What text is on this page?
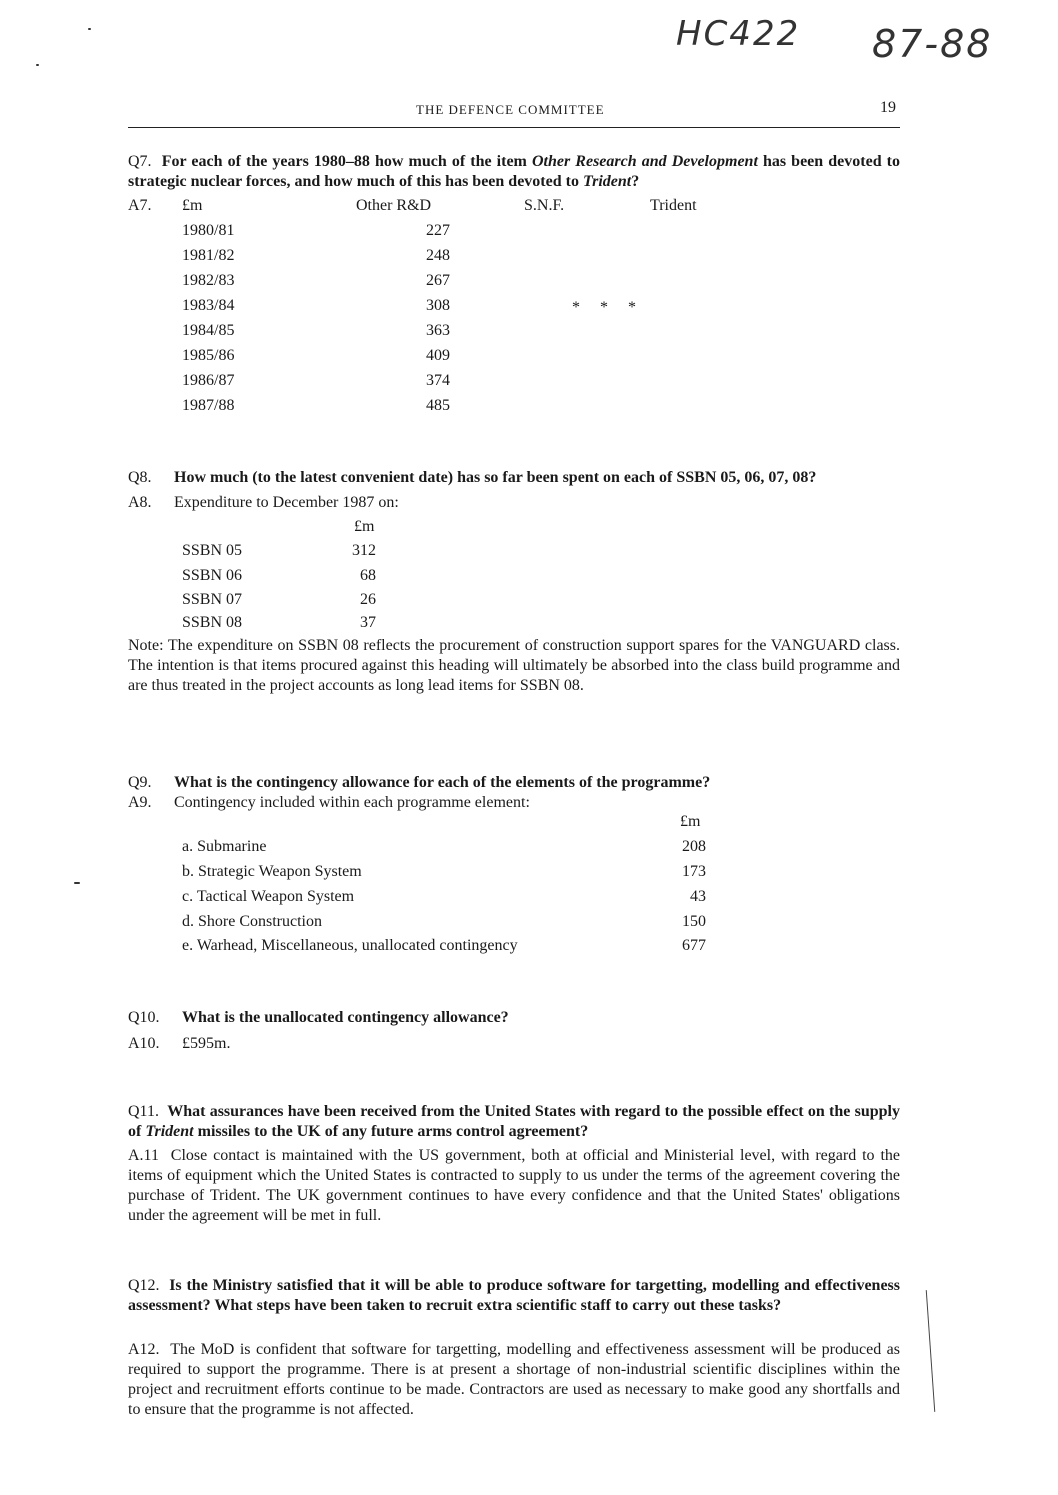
HC422 87-88
THE DEFENCE COMMITTEE	19
Q7. For each of the years 1980–88 how much of the item Other Research and Development has been devoted to strategic nuclear forces, and how much of this has been devoted to Trident?
A7. £m	Other R&D	S.N.F.	Trident
1980/81	227
1981/82	248
1982/83	267
1983/84	308	*     *     *
1984/85	363
1985/86	409
1986/87	374
1987/88	485
Q8. How much (to the latest convenient date) has so far been spent on each of SSBN 05, 06, 07, 08?
A8. Expenditure to December 1987 on:
£m
SSBN 05	312
SSBN 06	68
SSBN 07	26
SSBN 08	37
Note: The expenditure on SSBN 08 reflects the procurement of construction support spares for the VANGUARD class. The intention is that items procured against this heading will ultimately be absorbed into the class build programme and are thus treated in the project accounts as long lead items for SSBN 08.
Q9. What is the contingency allowance for each of the elements of the programme?
A9. Contingency included within each programme element:
£m
a. Submarine	208
b. Strategic Weapon System	173
c. Tactical Weapon System	43
d. Shore Construction	150
e. Warhead, Miscellaneous, unallocated contingency	677
Q10. What is the unallocated contingency allowance?
A10.	£595m.
Q11. What assurances have been received from the United States with regard to the possible effect on the supply of Trident missiles to the UK of any future arms control agreement?
A.11 Close contact is maintained with the US government, both at official and Ministerial level, with regard to the items of equipment which the United States is contracted to supply to us under the terms of the agreement covering the purchase of Trident. The UK government continues to have every confidence and that the United States' obligations under the agreement will be met in full.
Q12. Is the Ministry satisfied that it will be able to produce software for targetting, modelling and effectiveness assessment? What steps have been taken to recruit extra scientific staff to carry out these tasks?
A12. The MoD is confident that software for targetting, modelling and effectiveness assessment will be produced as required to support the programme. There is at present a shortage of non-industrial scientific disciplines within the project and recruitment efforts continue to be made. Contractors are used as necessary to make good any shortfalls and to ensure that the programme is not affected.
